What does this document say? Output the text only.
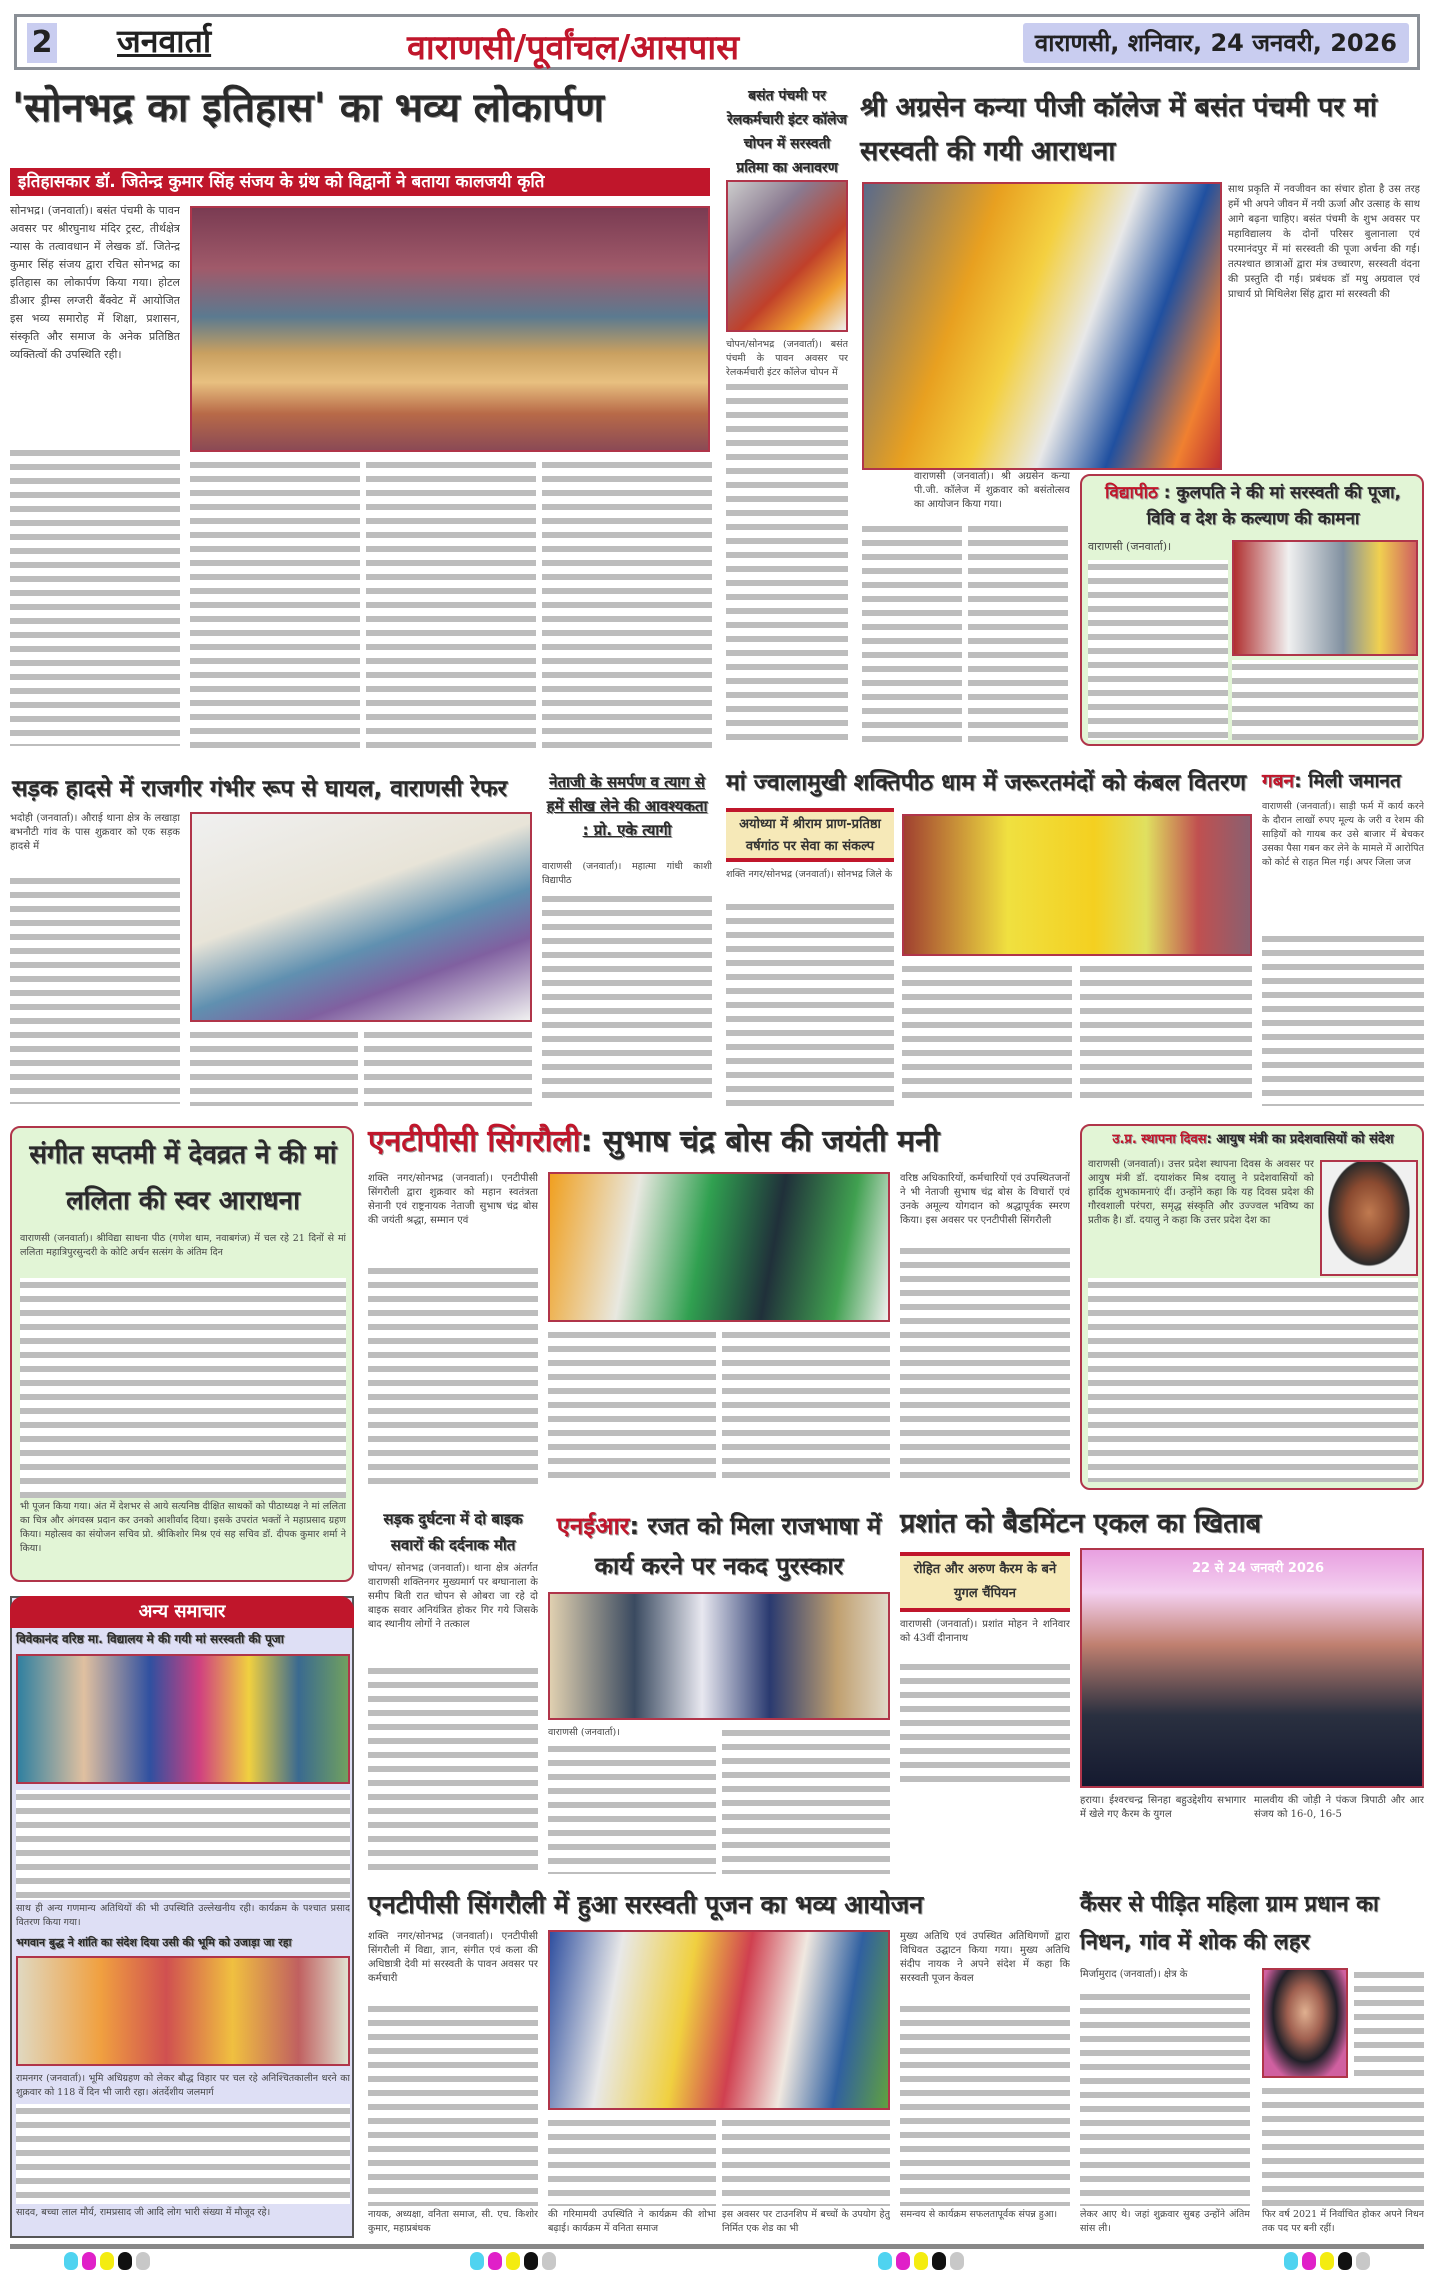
2 जनवार्ता	वाराणसी/पूर्वांचल/आसपास	वाराणसी, शनिवार, 24 जनवरी, 2026
'सोनभद्र का इतिहास' का भव्य लोकार्पण
इतिहासकार डॉ. जितेन्द्र कुमार सिंह संजय के ग्रंथ को विद्वानों ने बताया कालजयी कृति
सोनभद्र। (जनवार्ता)। बसंत पंचमी के पावन अवसर पर श्रीरघुनाथ मंदिर ट्रस्ट, तीर्थक्षेत्र न्यास के तत्वावधान में लेखक डॉ. जितेन्द्र कुमार सिंह संजय द्वारा रचित सोनभद्र का इतिहास का लोकार्पण किया गया। होटल डीआर ड्रीम्स लग्जरी बैंक्वेट में आयोजित इस भव्य समारोह में शिक्षा, प्रशासन, संस्कृति और समाज के अनेक प्रतिष्ठित व्यक्तित्वों की उपस्थिति रही।
बसंत पंचमी पर रेलकर्मचारी इंटर कॉलेज चोपन में सरस्वती प्रतिमा का अनावरण
चोपन/सोनभद्र (जनवार्ता)। बसंत पंचमी के पावन अवसर पर रेलकर्मचारी इंटर कॉलेज चोपन में
श्री अग्रसेन कन्या पीजी कॉलेज में बसंत पंचमी पर मां सरस्वती की गयी आराधना
साथ प्रकृति में नवजीवन का संचार होता है उस तरह हमें भी अपने जीवन में नयी ऊर्जा और उत्साह के साथ आगे बढ़ना चाहिए। बसंत पंचमी के शुभ अवसर पर महाविद्यालय के दोनों परिसर बुलानाला एवं परमानंदपुर में मां सरस्वती की पूजा अर्चना की गई। तत्पश्चात छात्राओं द्वारा मंत्र उच्चारण, सरस्वती वंदना की प्रस्तुति दी गई। प्रबंधक डॉ मधु अग्रवाल एवं प्राचार्य प्रो मिथिलेश सिंह द्वारा मां सरस्वती की
वाराणसी (जनवार्ता)। श्री अग्रसेन कन्या पी.जी. कॉलेज में शुक्रवार को बसंतोत्सव का आयोजन किया गया।
विद्यापीठ : कुलपति ने की मां सरस्वती की पूजा, विवि व देश के कल्याण की कामना
वाराणसी (जनवार्ता)।
सड़क हादसे में राजगीर गंभीर रूप से घायल, वाराणसी रेफर
भदोही (जनवार्ता)। औराई थाना क्षेत्र के लखाड़ा बभनौटी गांव के पास शुक्रवार को एक सड़क हादसे में
नेताजी के समर्पण व त्याग से हमें सीख लेने की आवश्यकता : प्रो. एके त्यागी
वाराणसी (जनवार्ता)। महात्मा गांधी काशी विद्यापीठ
मां ज्वालामुखी शक्तिपीठ धाम में जरूरतमंदों को कंबल वितरण
अयोध्या में श्रीराम प्राण-प्रतिष्ठा वर्षगांठ पर सेवा का संकल्प
शक्ति नगर/सोनभद्र (जनवार्ता)। सोनभद्र जिले के
गबन: मिली जमानत
वाराणसी (जनवार्ता)। साड़ी फर्म में कार्य करने के दौरान लाखों रुपए मूल्य के जरी व रेशम की साड़ियों को गायब कर उसे बाजार में बेचकर उसका पैसा गबन कर लेने के मामले में आरोपित को कोर्ट से राहत मिल गई। अपर जिला जज
संगीत सप्तमी में देवव्रत ने की मां ललिता की स्वर आराधना
वाराणसी (जनवार्ता)। श्रीविद्या साधना पीठ (गणेश धाम, नवाबगंज) में चल रहे 21 दिनों से मां ललिता महात्रिपुरसुन्दरी के कोटि अर्चन सत्संग के अंतिम दिन
भी पूजन किया गया। अंत में देशभर से आये सत्यनिष्ठ दीक्षित साधकों को पीठाध्यक्ष ने मां ललिता का चित्र और अंगवस्त्र प्रदान कर उनको आशीर्वाद दिया। इसके उपरांत भक्तों ने महाप्रसाद ग्रहण किया। महोत्सव का संयोजन सचिव प्रो. श्रीकिशोर मिश्र एवं सह सचिव डॉ. दीपक कुमार शर्मा ने किया।
एनटीपीसी सिंगरौली: सुभाष चंद्र बोस की जयंती मनी
शक्ति नगर/सोनभद्र (जनवार्ता)। एनटीपीसी सिंगरौली द्वारा शुक्रवार को महान स्वतंत्रता सेनानी एवं राष्ट्रनायक नेताजी सुभाष चंद्र बोस की जयंती श्रद्धा, सम्मान एवं
वरिष्ठ अधिकारियों, कर्मचारियों एवं उपस्थितजनों ने भी नेताजी सुभाष चंद्र बोस के विचारों एवं उनके अमूल्य योगदान को श्रद्धापूर्वक स्मरण किया। इस अवसर पर एनटीपीसी सिंगरौली
उ.प्र. स्थापना दिवस: आयुष मंत्री का प्रदेशवासियों को संदेश
वाराणसी (जनवार्ता)। उत्तर प्रदेश स्थापना दिवस के अवसर पर आयुष मंत्री डॉ. दयाशंकर मिश्र दयालु ने प्रदेशवासियों को हार्दिक शुभकामनाएं दीं। उन्होंने कहा कि यह दिवस प्रदेश की गौरवशाली परंपरा, समृद्ध संस्कृति और उज्ज्वल भविष्य का प्रतीक है। डॉ. दयालु ने कहा कि उत्तर प्रदेश देश का
सड़क दुर्घटना में दो बाइक सवारों की दर्दनाक मौत
चोपन/ सोनभद्र (जनवार्ता)। थाना क्षेत्र अंतर्गत वाराणसी शक्तिनगर मुख्यमार्ग पर बग्घानाला के समीप बिती रात चोपन से ओबरा जा रहे दो बाइक सवार अनियंत्रित होकर गिर गये जिसके बाद स्थानीय लोगों ने तत्काल
एनईआर: रजत को मिला राजभाषा में कार्य करने पर नकद पुरस्कार
वाराणसी (जनवार्ता)।
प्रशांत को बैडमिंटन एकल का खिताब
रोहित और अरुण कैरम के बने युगल चैंपियन
वाराणसी (जनवार्ता)। प्रशांत मोहन ने शनिवार को 43वीं दीनानाथ
22 से 24 जनवरी 2026
हराया। ईश्वरचन्द्र सिनहा बहुउद्देशीय सभागार में खेले गए कैरम के युगल
मालवीय की जोड़ी ने पंकज त्रिपाठी और आर संजय को 16-0, 16-5
अन्य समाचार
विवेकानंद वरिष्ठ मा. विद्यालय मे की गयी मां सरस्वती की पूजा
साथ ही अन्य गणमान्य अतिथियों की भी उपस्थिति उल्लेखनीय रही। कार्यक्रम के पश्चात प्रसाद वितरण किया गया।
भगवान बुद्ध ने शांति का संदेश दिया उसी की भूमि को उजाड़ा जा रहा
रामनगर (जनवार्ता)। भूमि अधिग्रहण को लेकर बौद्ध विहार पर चल रहे अनिश्चितकालीन धरने का शुक्रवार को 118 वें दिन भी जारी रहा। अंतर्देशीय जलमार्ग
सादव, बच्चा लाल मौर्य, रामप्रसाद जी आदि लोग भारी संख्या में मौजूद रहे।
एनटीपीसी सिंगरौली में हुआ सरस्वती पूजन का भव्य आयोजन
शक्ति नगर/सोनभद्र (जनवार्ता)। एनटीपीसी सिंगरौली में विद्या, ज्ञान, संगीत एवं कला की अधिष्ठात्री देवी मां सरस्वती के पावन अवसर पर कर्मचारी
मुख्य अतिथि एवं उपस्थित अतिथिगणों द्वारा विधिवत उद्घाटन किया गया। मुख्य अतिथि संदीप नायक ने अपने संदेश में कहा कि सरस्वती पूजन केवल
नायक, अध्यक्षा, वनिता समाज, सी. एच. किशोर कुमार, महाप्रबंधक
की गरिमामयी उपस्थिति ने कार्यक्रम की शोभा बढ़ाई। कार्यक्रम में वनिता समाज
इस अवसर पर टाउनशिप में बच्चों के उपयोग हेतु निर्मित एक शेड का भी
समन्वय से कार्यक्रम सफलतापूर्वक संपन्न हुआ।
कैंसर से पीड़ित महिला ग्राम प्रधान का निधन, गांव में शोक की लहर
मिर्जामुराद (जनवार्ता)। क्षेत्र के
लेकर आए थे। जहां शुक्रवार सुबह उन्होंने अंतिम सांस ली।
फिर वर्ष 2021 में निर्वाचित होकर अपने निधन तक पद पर बनी रहीं।
